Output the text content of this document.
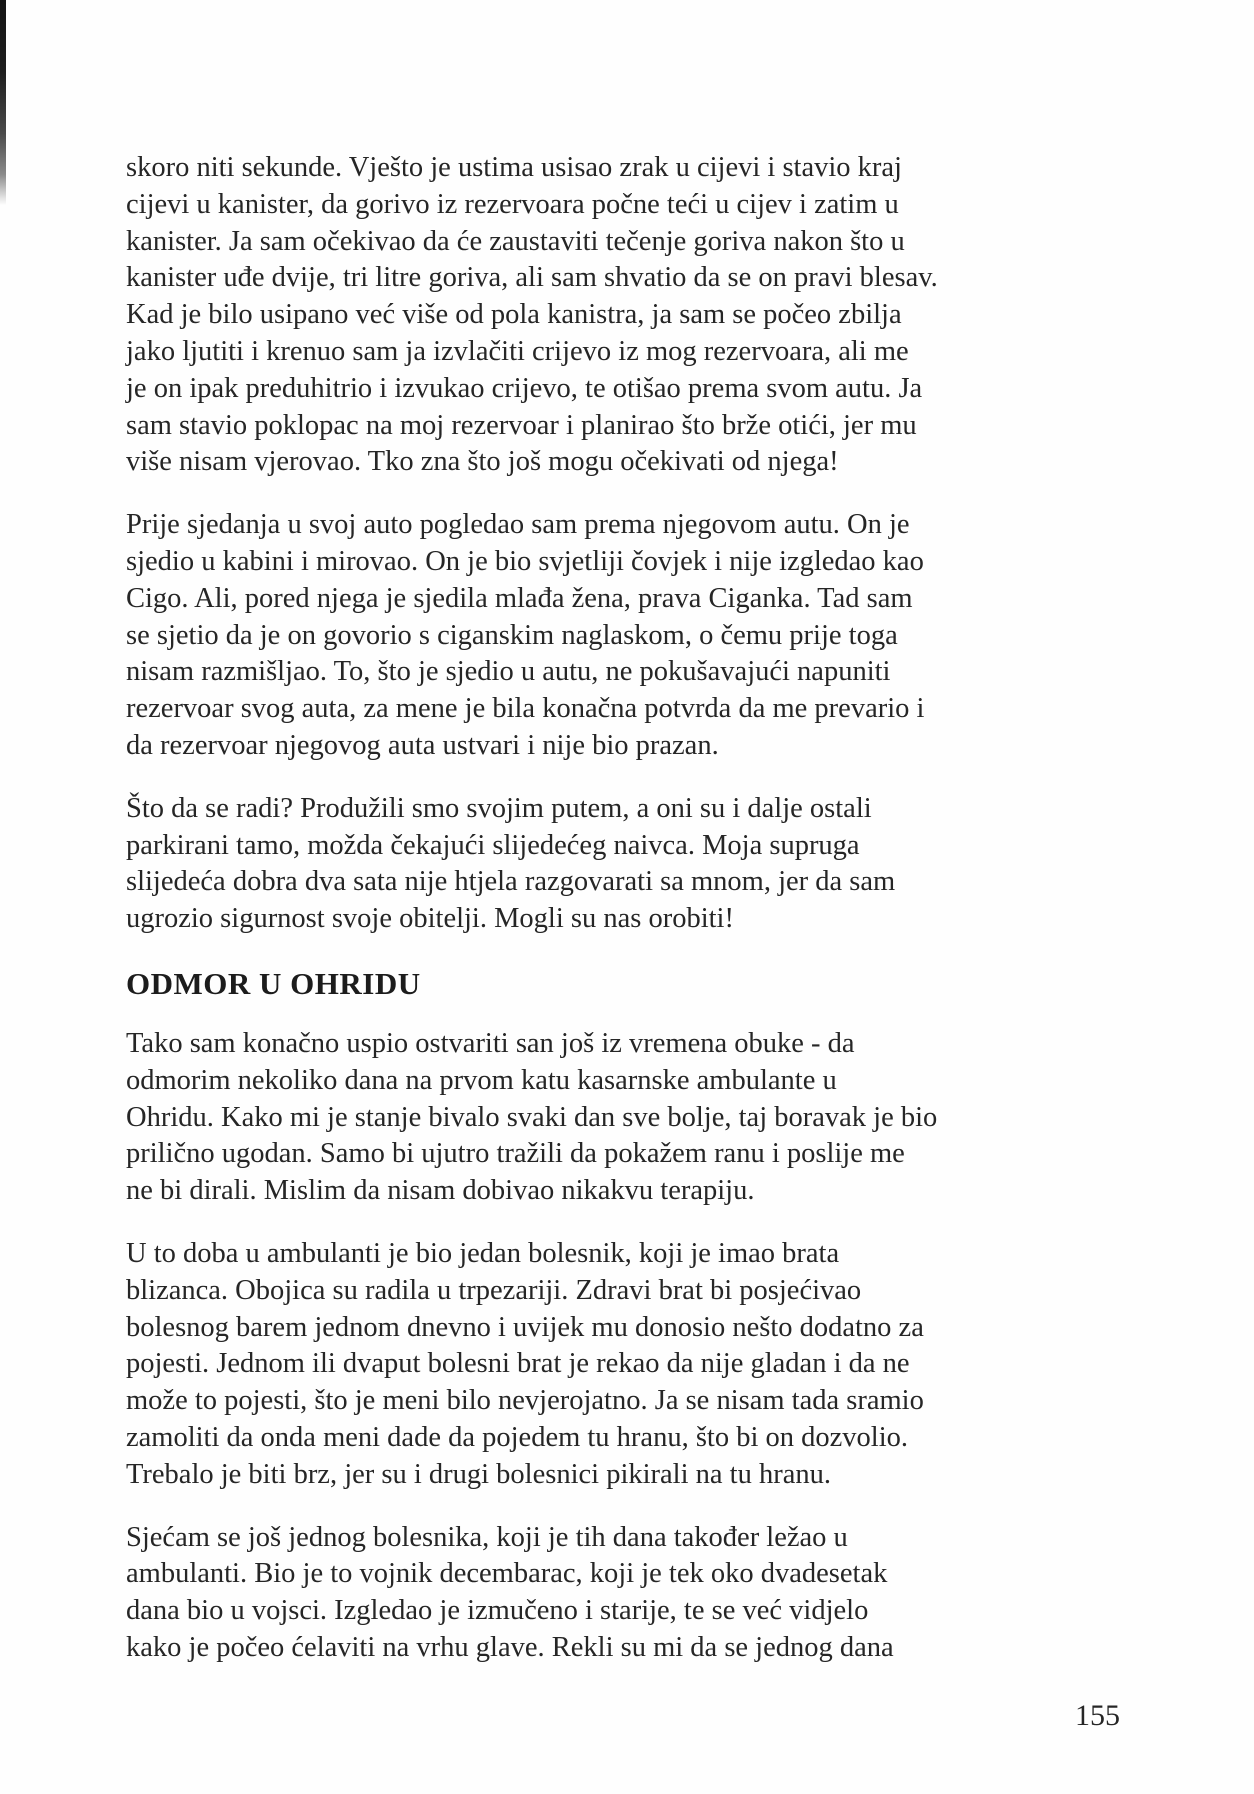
skoro niti sekunde. Vješto je ustima usisao zrak u cijevi i stavio kraj
cijevi u kanister, da gorivo iz rezervoara počne teći u cijev i zatim u
kanister. Ja sam očekivao da će zaustaviti tečenje goriva nakon što u
kanister uđe dvije, tri litre goriva, ali sam shvatio da se on pravi blesav.
Kad je bilo usipano već više od pola kanistra, ja sam se počeo zbilja
jako ljutiti i krenuo sam ja izvlačiti crijevo iz mog rezervoara, ali me
je on ipak preduhitrio i izvukao crijevo, te otišao prema svom autu. Ja
sam stavio poklopac na moj rezervoar i planirao što brže otići, jer mu
više nisam vjerovao. Tko zna što još mogu očekivati od njega!
Prije sjedanja u svoj auto pogledao sam prema njegovom autu. On je
sjedio u kabini i mirovao. On je bio svjetliji čovjek i nije izgledao kao
Cigo. Ali, pored njega je sjedila mlađa žena, prava Ciganka. Tad sam
se sjetio da je on govorio s ciganskim naglaskom, o čemu prije toga
nisam razmišljao. To, što je sjedio u autu, ne pokušavajući napuniti
rezervoar svog auta, za mene je bila konačna potvrda da me prevario i
da rezervoar njegovog auta ustvari i nije bio prazan.
Što da se radi? Produžili smo svojim putem, a oni su i dalje ostali
parkirani tamo, možda čekajući slijedećeg naivca. Moja supruga
slijedeća dobra dva sata nije htjela razgovarati sa mnom, jer da sam
ugrozio sigurnost svoje obitelji. Mogli su nas orobiti!
ODMOR U OHRIDU
Tako sam konačno uspio ostvariti san još iz vremena obuke - da
odmorim nekoliko dana na prvom katu kasarnske ambulante u
Ohridu. Kako mi je stanje bivalo svaki dan sve bolje, taj boravak je bio
prilično ugodan. Samo bi ujutro tražili da pokažem ranu i poslije me
ne bi dirali. Mislim da nisam dobivao nikakvu terapiju.
U to doba u ambulanti je bio jedan bolesnik, koji je imao brata
blizanca. Obojica su radila u trpezariji. Zdravi brat bi posjećivao
bolesnog barem jednom dnevno i uvijek mu donosio nešto dodatno za
pojesti. Jednom ili dvaput bolesni brat je rekao da nije gladan i da ne
može to pojesti, što je meni bilo nevjerojatno. Ja se nisam tada sramio
zamoliti da onda meni dade da pojedem tu hranu, što bi on dozvolio.
Trebalo je biti brz, jer su i drugi bolesnici pikirali na tu hranu.
Sjećam se još jednog bolesnika, koji je tih dana također ležao u
ambulanti. Bio je to vojnik decembarac, koji je tek oko dvadesetak
dana bio u vojsci. Izgledao je izmučeno i starije, te se već vidjelo
kako je počeo ćelaviti na vrhu glave. Rekli su mi da se jednog dana
155
